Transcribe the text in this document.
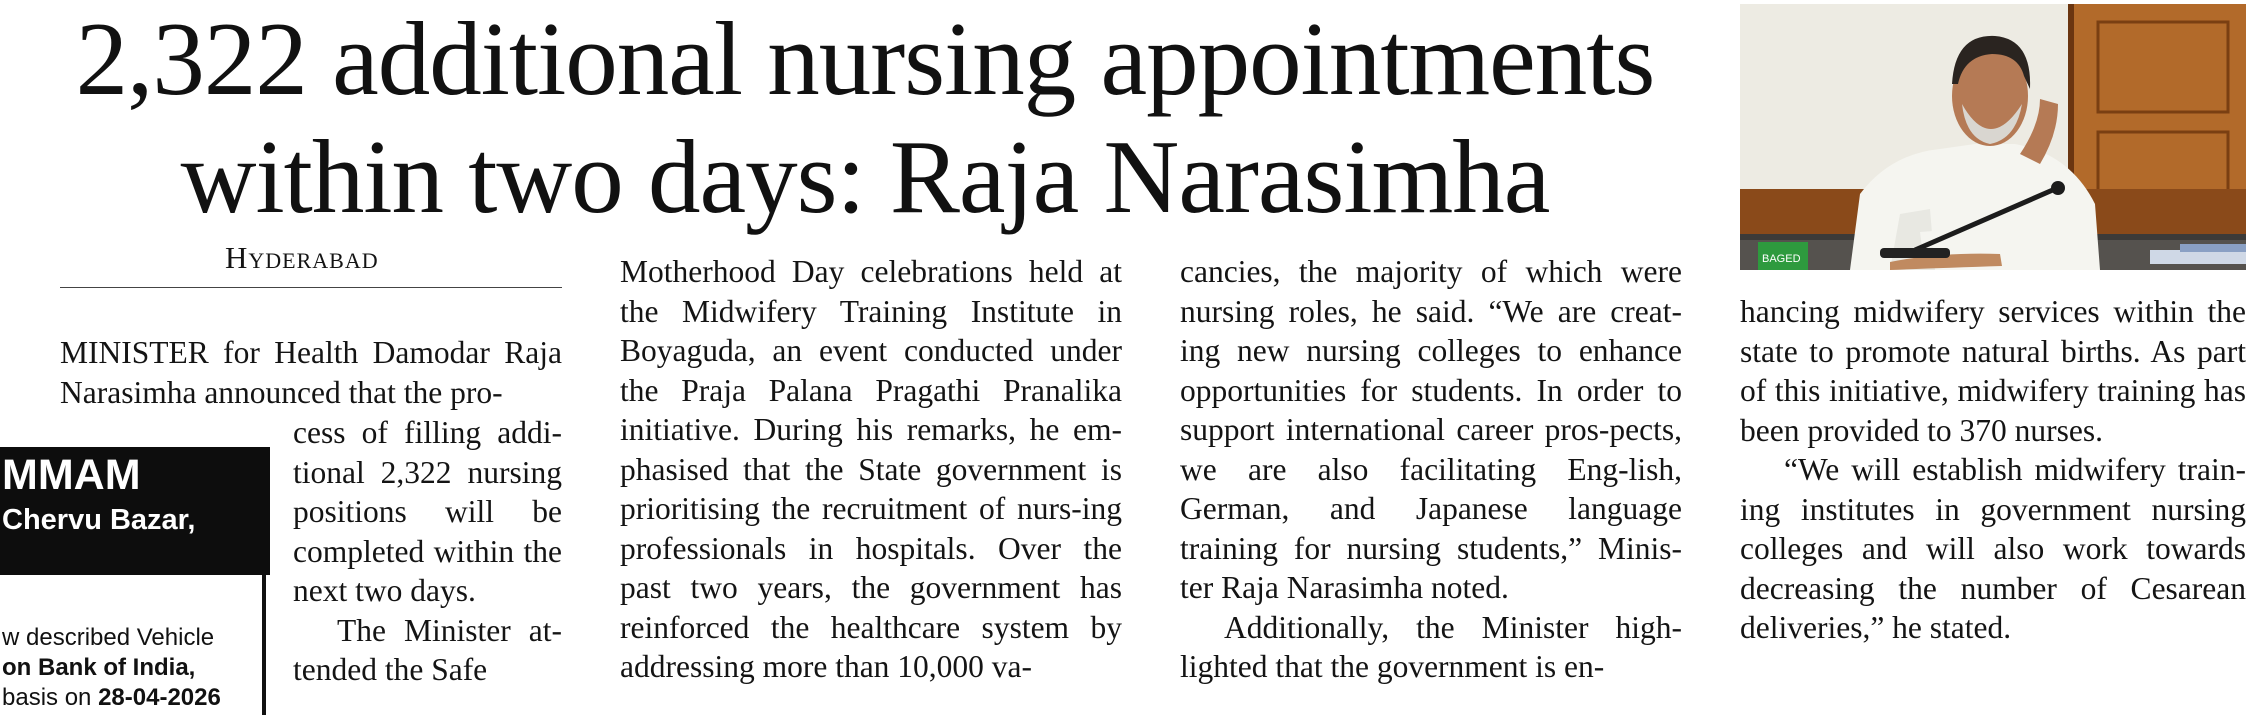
2,322 additional nursing appointments
within two days: Raja Narasimha
Hyderabad

MINISTER for Health Damodar Raja Narasimha announced that the pro-

cess of filling addi-tional 2,322 nursing positions will be completed within the next two days.

The Minister at-tended the Safe

Motherhood Day celebrations held at the Midwifery Training Institute in Boyaguda, an event conducted under the Praja Palana Pragathi Pranalika initiative. During his remarks, he em-phasised that the State government is prioritising the recruitment of nurs-ing professionals in hospitals. Over the past two years, the government has reinforced the healthcare system by addressing more than 10,000 va-

cancies, the majority of which were nursing roles, he said. “We are creat-ing new nursing colleges to enhance opportunities for students. In order to support international career pros-pects, we are also facilitating Eng-lish, German, and Japanese language training for nursing students,” Minis-ter Raja Narasimha noted.

Additionally, the Minister high-lighted that the government is en-

hancing midwifery services within the state to promote natural births. As part of this initiative, midwifery training has been provided to 370 nurses.

“We will establish midwifery train-ing institutes in government nursing colleges and will also work towards decreasing the number of Cesarean deliveries,” he stated.

MMAM
Chervu Bazar,
w described Vehicle
on Bank of India,
basis on 28-04-2026
BAGED
